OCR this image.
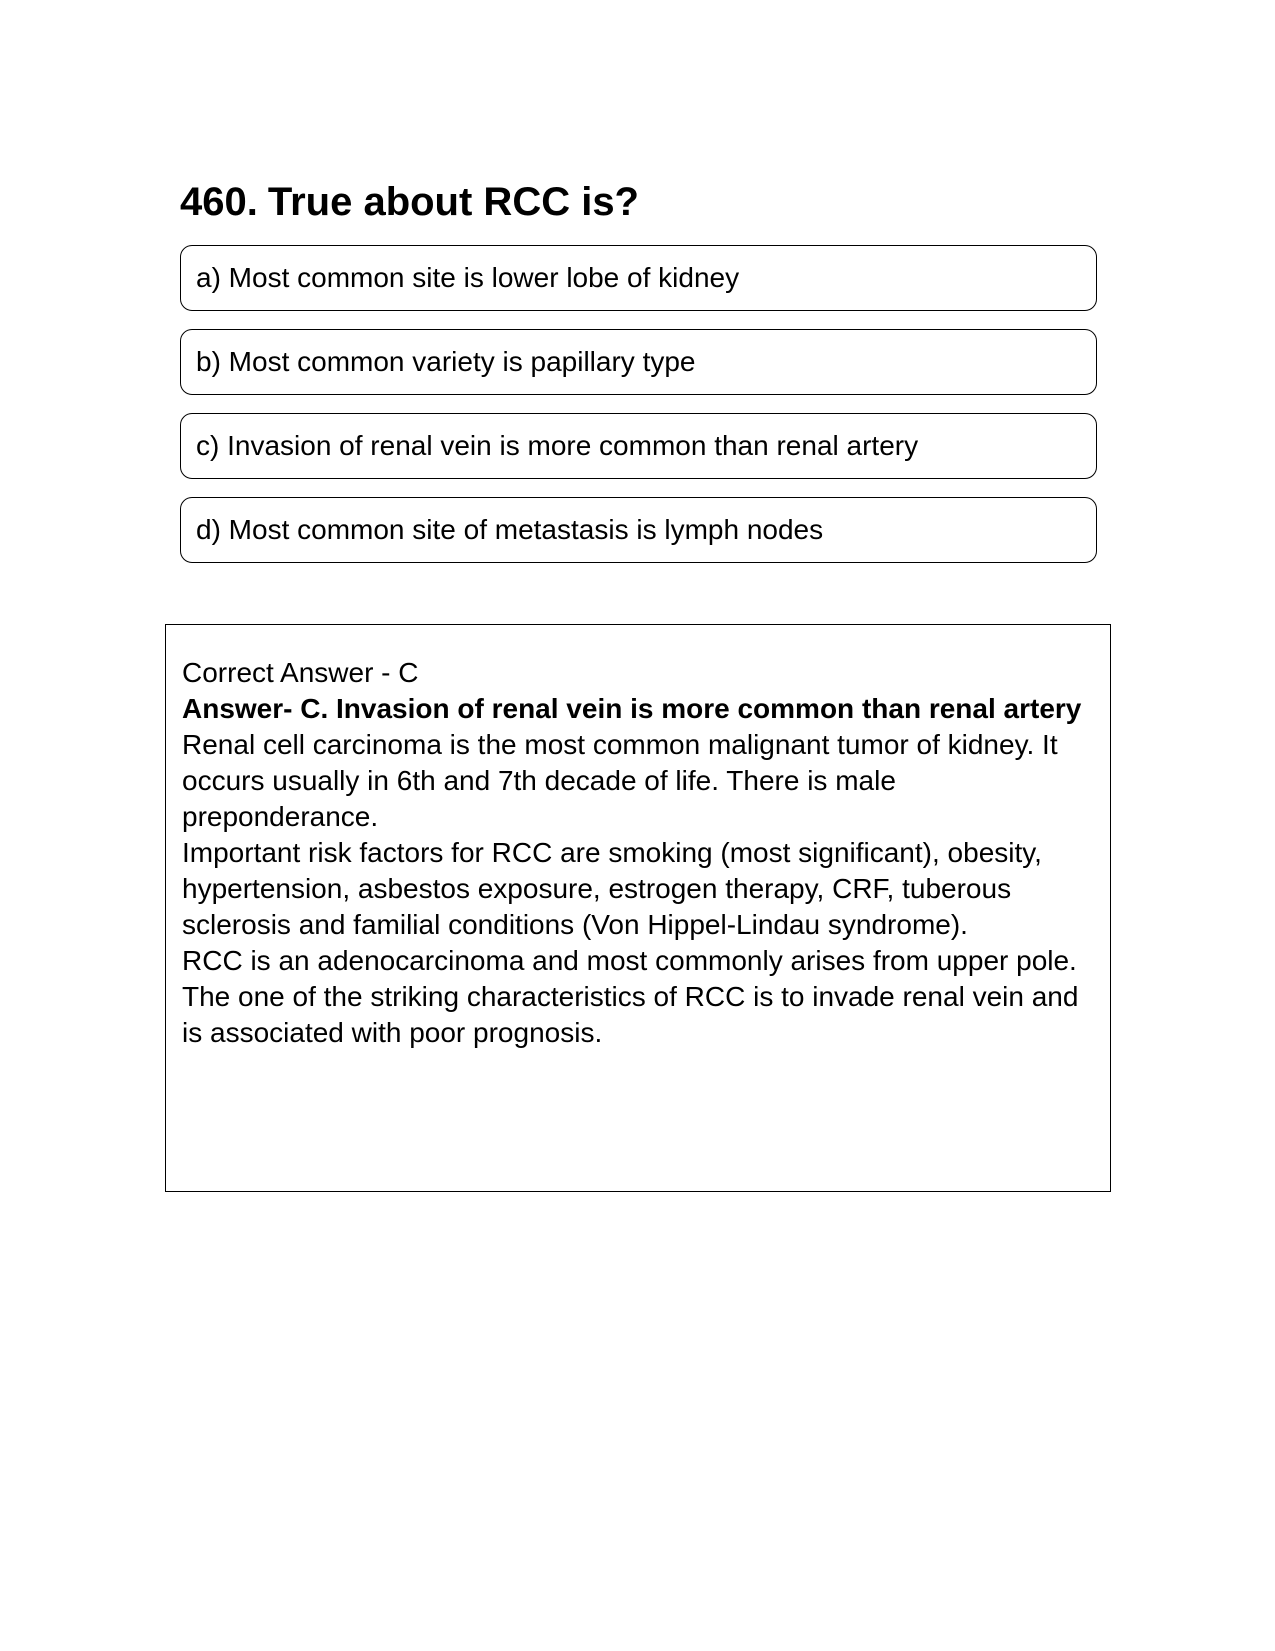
460. True about RCC is?
a) Most common site is lower lobe of kidney
b) Most common variety is papillary type
c) Invasion of renal vein is more common than renal artery
d) Most common site of metastasis is lymph nodes

Correct Answer - C

Answer- C. Invasion of renal vein is more common than renal artery

Renal cell carcinoma is the most common malignant tumor of kidney. It occurs usually in 6th and 7th decade of life. There is male preponderance.

Important risk factors for RCC are smoking (most significant), obesity, hypertension, asbestos exposure, estrogen therapy, CRF, tuberous sclerosis and familial conditions (Von Hippel-Lindau syndrome).

RCC is an adenocarcinoma and most commonly arises from upper pole.

The one of the striking characteristics of RCC is to invade renal vein and is associated with poor prognosis.
